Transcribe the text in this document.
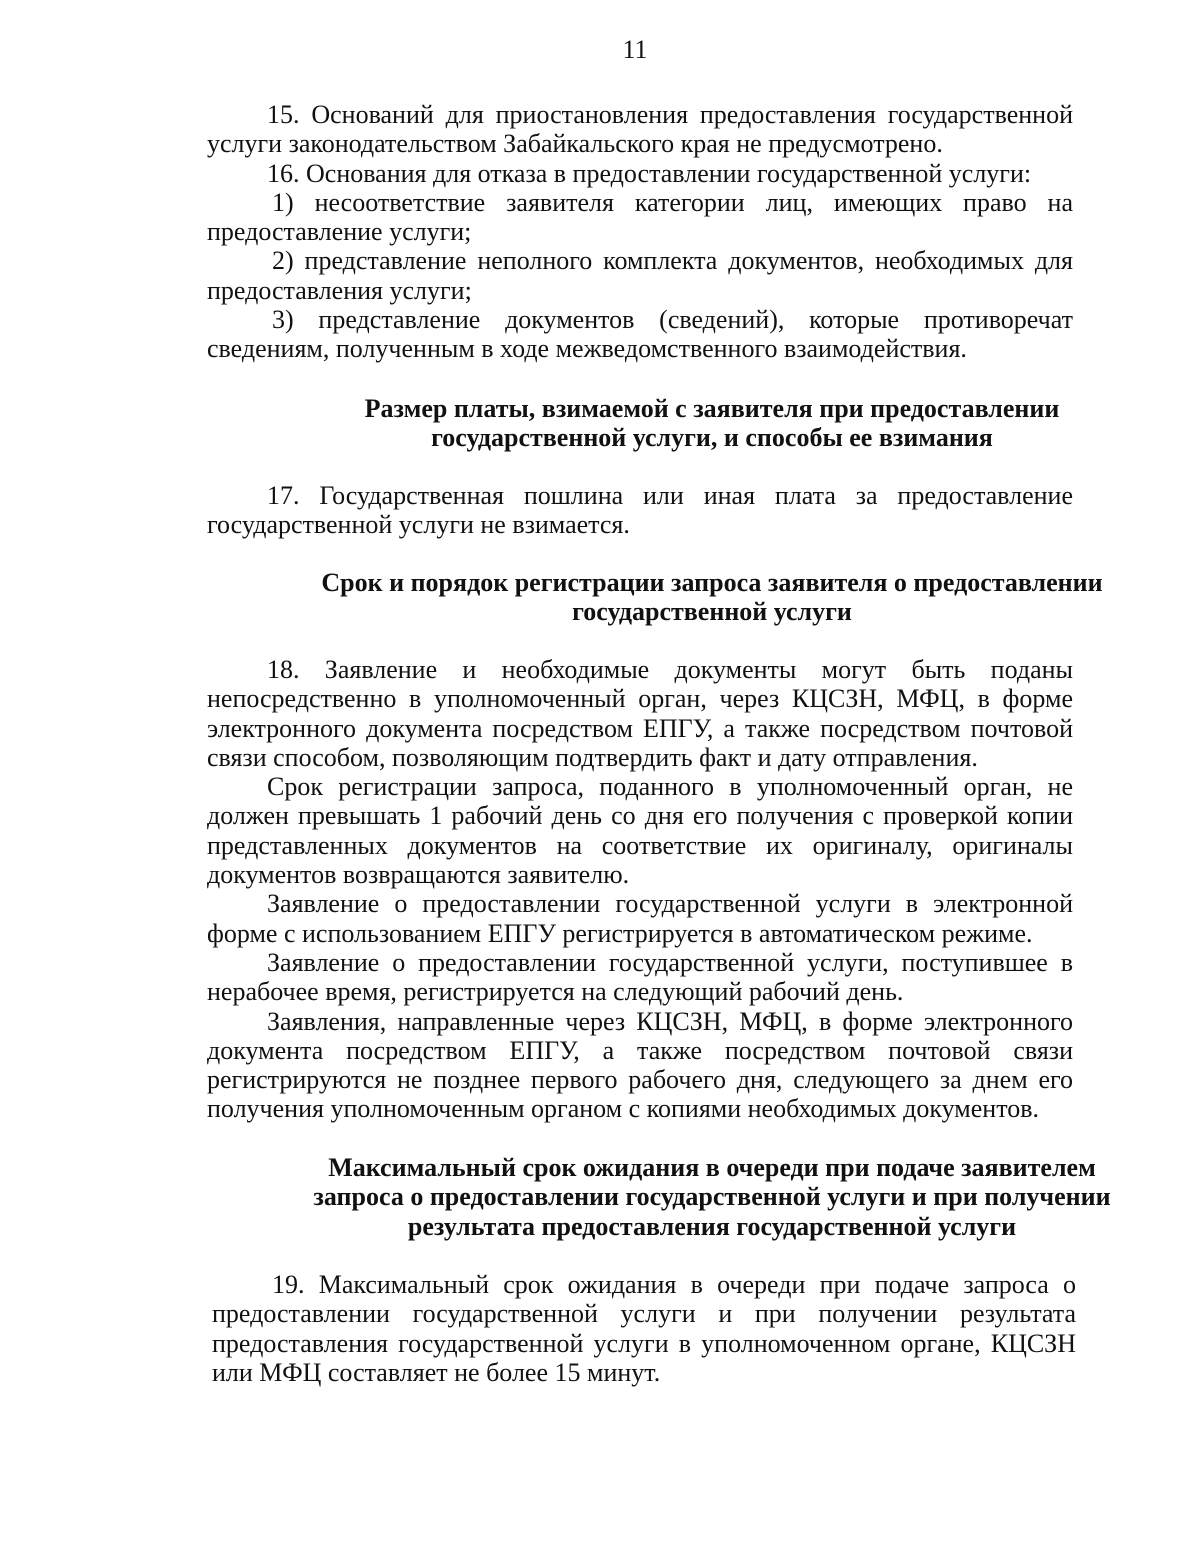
11

15. Оснований для приостановления предоставления государственной услуги законодательством Забайкальского края не предусмотрено.

16. Основания для отказа в предоставлении государственной услуги:

1) несоответствие заявителя категории лиц, имеющих право на предоставление услуги;

2) представление неполного комплекта документов, необходимых для предоставления услуги;

3) представление документов (сведений), которые противоречат сведениям, полученным в ходе межведомственного взаимодействия.

Размер платы, взимаемой с заявителя при предоставлении
государственной услуги, и способы ее взимания

17. Государственная пошлина или иная плата за предоставление государственной услуги не взимается.

Срок и порядок регистрации запроса заявителя о предоставлении
государственной услуги

18. Заявление и необходимые документы могут быть поданы непосредственно в уполномоченный орган, через КЦСЗН, МФЦ, в форме электронного документа посредством ЕПГУ, а также посредством почтовой связи способом, позволяющим подтвердить факт и дату отправления.

Срок регистрации запроса, поданного в уполномоченный орган, не должен превышать 1 рабочий день со дня его получения с проверкой копии представленных документов на соответствие их оригиналу, оригиналы документов возвращаются заявителю.

Заявление о предоставлении государственной услуги в электронной форме с использованием ЕПГУ регистрируется в автоматическом режиме.

Заявление о предоставлении государственной услуги, поступившее в нерабочее время, регистрируется на следующий рабочий день.

Заявления, направленные через КЦСЗН, МФЦ, в форме электронного документа посредством ЕПГУ, а также посредством почтовой связи регистрируются не позднее первого рабочего дня, следующего за днем его получения уполномоченным органом с копиями необходимых документов.

Максимальный срок ожидания в очереди при подаче заявителем
запроса о предоставлении государственной услуги и при получении
результата предоставления государственной услуги

19. Максимальный срок ожидания в очереди при подаче запроса о предоставлении государственной услуги и при получении результата предоставления государственной услуги в уполномоченном органе, КЦСЗН или МФЦ составляет не более 15 минут.
